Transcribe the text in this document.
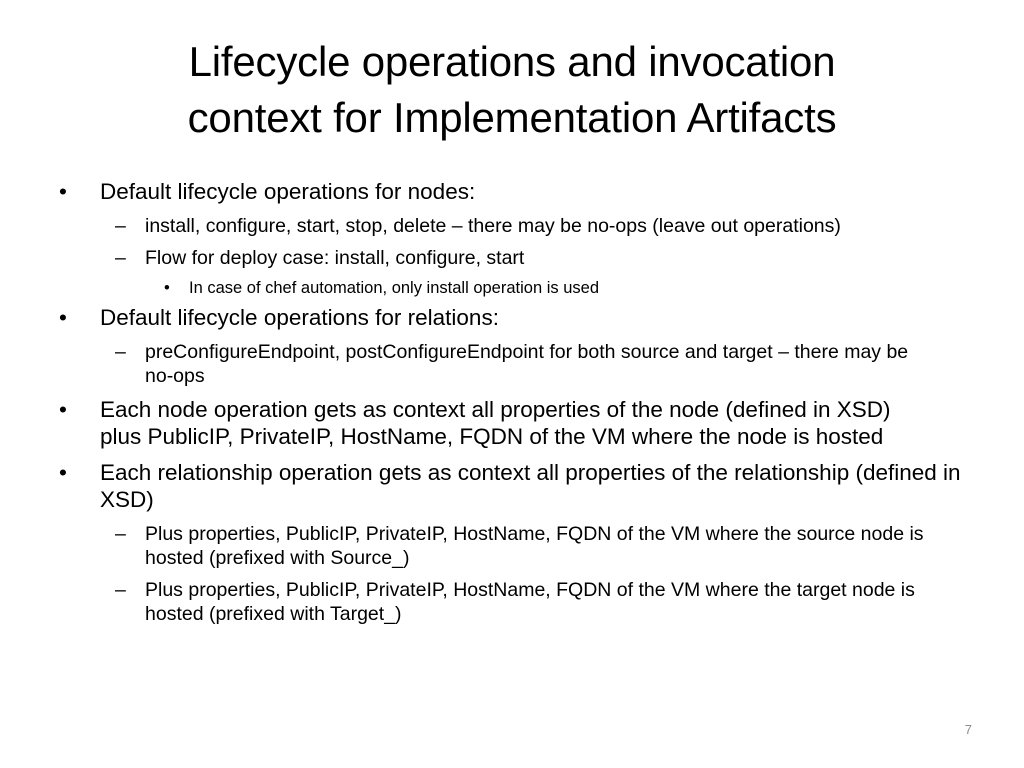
Lifecycle operations and invocation
context for Implementation Artifacts
• Default lifecycle operations for nodes:
– install, configure, start, stop, delete – there may be no-ops (leave out operations)
– Flow for deploy case: install, configure, start
• In case of chef automation, only install operation is used
• Default lifecycle operations for relations:
– preConfigureEndpoint, postConfigureEndpoint for both source and target – there may be no-ops
• Each node operation gets as context all properties of the node (defined in XSD)
plus PublicIP, PrivateIP, HostName, FQDN of the VM where the node is hosted
• Each relationship operation gets as context all properties of the relationship (defined in XSD)
– Plus properties, PublicIP, PrivateIP, HostName, FQDN of the VM where the source node is hosted (prefixed with Source_)
– Plus properties, PublicIP, PrivateIP, HostName, FQDN of the VM where the target node is hosted (prefixed with Target_)
7
